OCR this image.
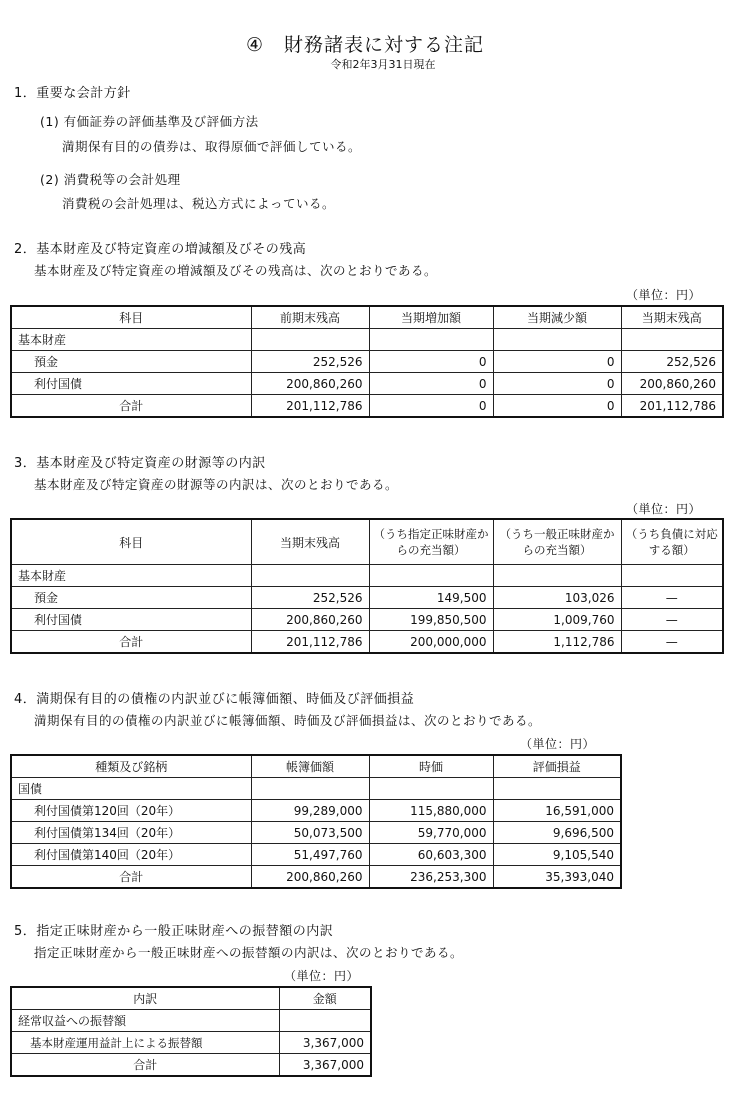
④　財務諸表に対する注記
令和2年3月31日現在
1．重要な会計方針
(1) 有価証券の評価基準及び評価方法
満期保有目的の債券は、取得原価で評価している。
(2) 消費税等の会計処理
消費税の会計処理は、税込方式によっている。
2．基本財産及び特定資産の増減額及びその残高
基本財産及び特定資産の増減額及びその残高は、次のとおりである。
（単位：円）
科目	前期末残高	当期増加額	当期減少額	当期末残高
基本財産				
預金	252,526	0	0	252,526
利付国債	200,860,260	0	0	200,860,260
合計	201,112,786	0	0	201,112,786
3．基本財産及び特定資産の財源等の内訳
基本財産及び特定資産の財源等の内訳は、次のとおりである。
（単位：円）
科目	当期末残高	（うち指定正味財産からの充当額）	（うち一般正味財産からの充当額）	（うち負債に対応する額）
基本財産				
預金	252,526	149,500	103,026	—
利付国債	200,860,260	199,850,500	1,009,760	—
合計	201,112,786	200,000,000	1,112,786	—
4．満期保有目的の債権の内訳並びに帳簿価額、時価及び評価損益
満期保有目的の債権の内訳並びに帳簿価額、時価及び評価損益は、次のとおりである。
（単位：円）
種類及び銘柄	帳簿価額	時価	評価損益
国債			
利付国債第120回（20年）	99,289,000	115,880,000	16,591,000
利付国債第134回（20年）	50,073,500	59,770,000	9,696,500
利付国債第140回（20年）	51,497,760	60,603,300	9,105,540
合計	200,860,260	236,253,300	35,393,040
5．指定正味財産から一般正味財産への振替額の内訳
指定正味財産から一般正味財産への振替額の内訳は、次のとおりである。
（単位：円）
内訳	金額
経常収益への振替額	
基本財産運用益計上による振替額	3,367,000
合計	3,367,000
